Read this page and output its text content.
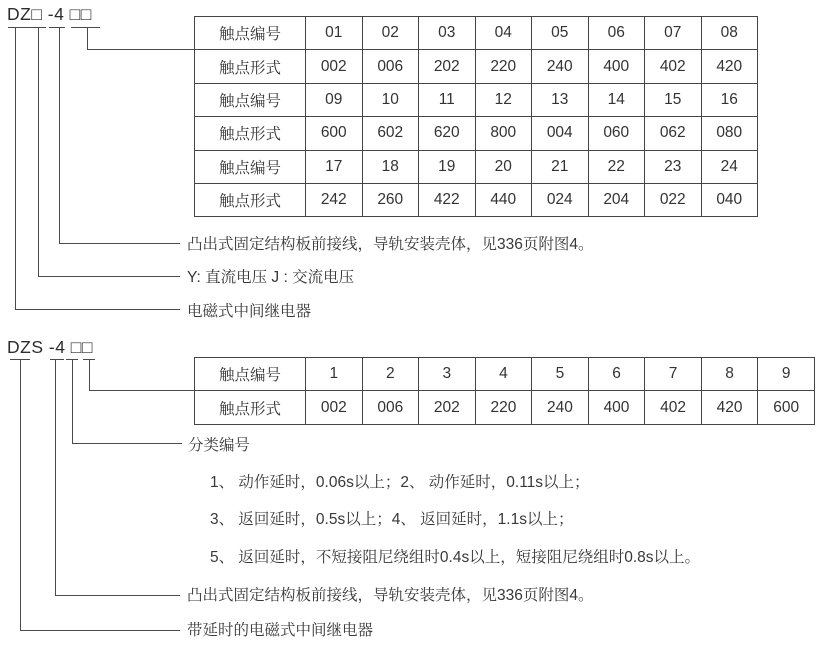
DZ□ -4 □□
触点编号	01	02	03	04	05	06	07	08
触点形式	002	006	202	220	240	400	402	420
触点编号	09	10	11	12	13	14	15	16
触点形式	600	602	620	800	004	060	062	080
触点编号	17	18	19	20	21	22	23	24
触点形式	242	260	422	440	024	204	022	040
凸出式固定结构板前接线，导轨安装壳体，见336页附图4。
Y: 直流电压 J : 交流电压
电磁式中间继电器
DZS -4 □□
触点编号	1	2	3	4	5	6	7	8	9
触点形式	002	006	202	220	240	400	402	420	600
分类编号
1、 动作延时，0.06s以上；2、 动作延时，0.11s以上；
3、 返回延时，0.5s以上；4、 返回延时，1.1s以上；
5、 返回延时，不短接阻尼绕组时0.4s以上，短接阻尼绕组时0.8s以上。
凸出式固定结构板前接线，导轨安装壳体，见336页附图4。
带延时的电磁式中间继电器
